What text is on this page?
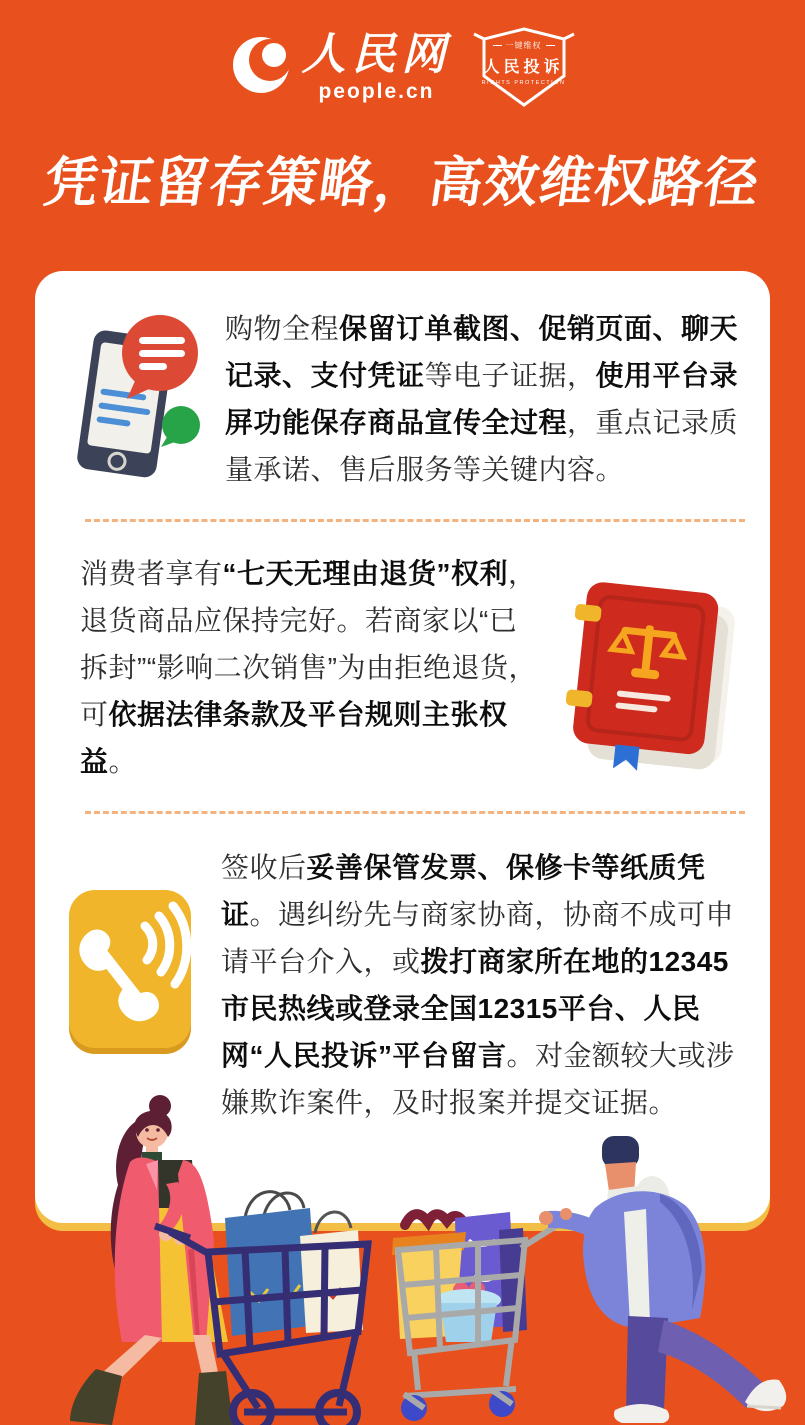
人民网
people.cn
一键维权
人民投诉
RIGHTS PROTECTION
凭证留存策略，高效维权路径

购物全程保留订单截图、促销页面、聊天记录、支付凭证等电子证据，使用平台录屏功能保存商品宣传全过程，重点记录质量承诺、售后服务等关键内容。

消费者享有“七天无理由退货”权利，退货商品应保持完好。若商家以“已拆封”“影响二次销售”为由拒绝退货，可依据法律条款及平台规则主张权益。

签收后妥善保管发票、保修卡等纸质凭证。遇纠纷先与商家协商，协商不成可申请平台介入，或拨打商家所在地的12345市民热线或登录全国12315平台、人民网“人民投诉”平台留言。对金额较大或涉嫌欺诈案件，及时报案并提交证据。
